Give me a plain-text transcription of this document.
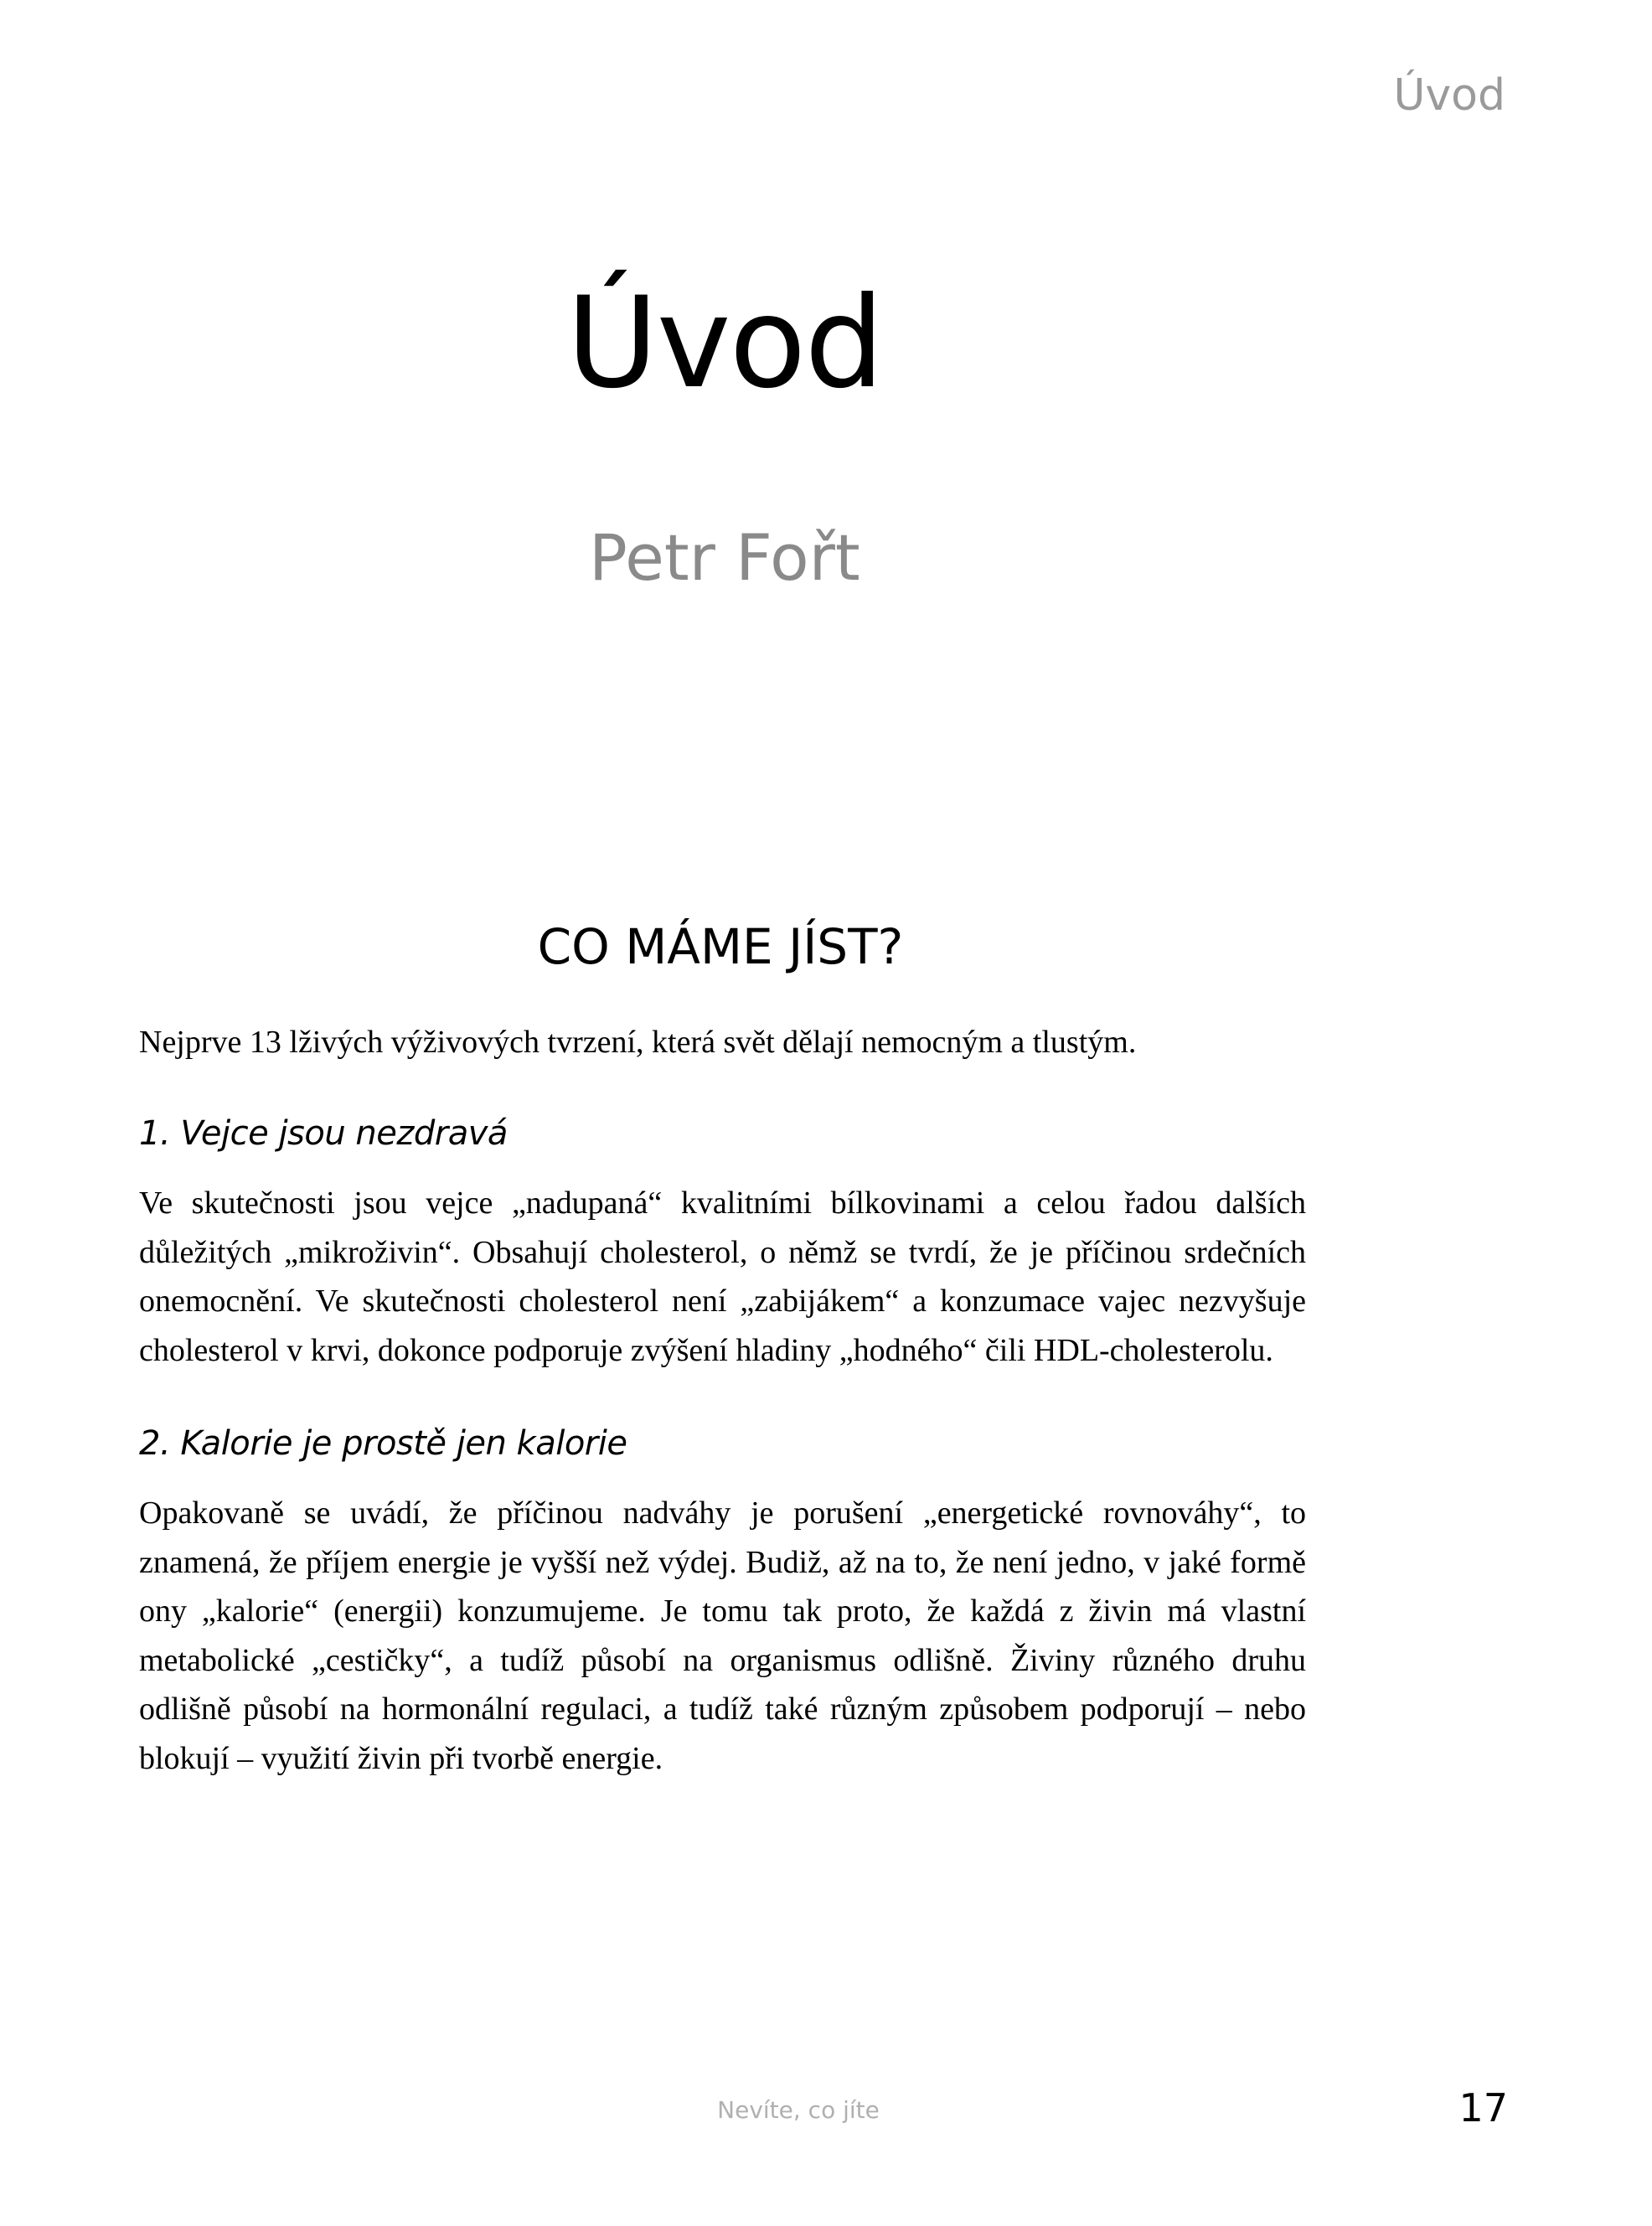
Úvod
Úvod
Petr Fořt
CO MÁME JÍST?

Nejprve 13 lživých výživových tvrzení, která svět dělají nemocným a tlustým.

1. Vejce jsou nezdravá

Ve skutečnosti jsou vejce „nadupaná“ kvalitními bílkovinami a celou řadou dalších důležitých „mikroživin“. Obsahují cholesterol, o němž se tvrdí, že je příčinou srdečních onemocnění. Ve skutečnosti cholesterol není „zabijákem“ a konzumace vajec nezvyšuje cholesterol v krvi, dokonce podporuje zvýšení hladiny „hodného“ čili HDL-cholesterolu.

2. Kalorie je prostě jen kalorie

Opakovaně se uvádí, že příčinou nadváhy je porušení „energetické rovnováhy“, to znamená, že příjem energie je vyšší než výdej. Budiž, až na to, že není jedno, v jaké formě ony „kalorie“ (energii) konzumujeme. Je tomu tak proto, že každá z živin má vlastní metabolické „cestičky“, a tudíž působí na organismus odlišně. Živiny různého druhu odlišně působí na hormonální regulaci, a tudíž také různým způsobem podporují – nebo blokují – využití živin při tvorbě energie.

Nevíte, co jíte	17
